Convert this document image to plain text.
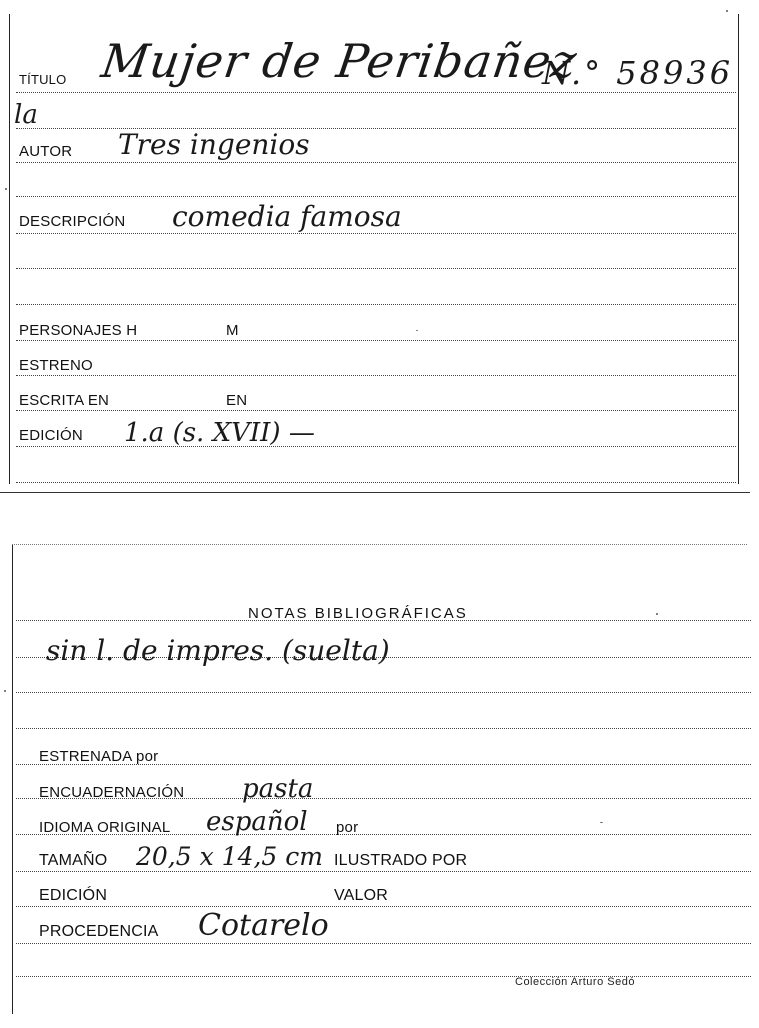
TÍTULO Mujer de Peribañez
N.° 58936
la
AUTOR Tres ingenios
DESCRIPCIÓN comedia famosa
PERSONAJES H	M
ESTRENO
ESCRITA EN	EN
EDICIÓN 1.a (s. XVII) —
NOTAS BIBLIOGRÁFICAS
sin l. de impres. (suelta)
ESTRENADA por
ENCUADERNACIÓN pasta
IDIOMA ORIGINAL español por
TAMAÑO 20,5 x 14,5 cm ILUSTRADO POR
EDICIÓN	VALOR
PROCEDENCIA Cotarelo
Colección Arturo Sedó
